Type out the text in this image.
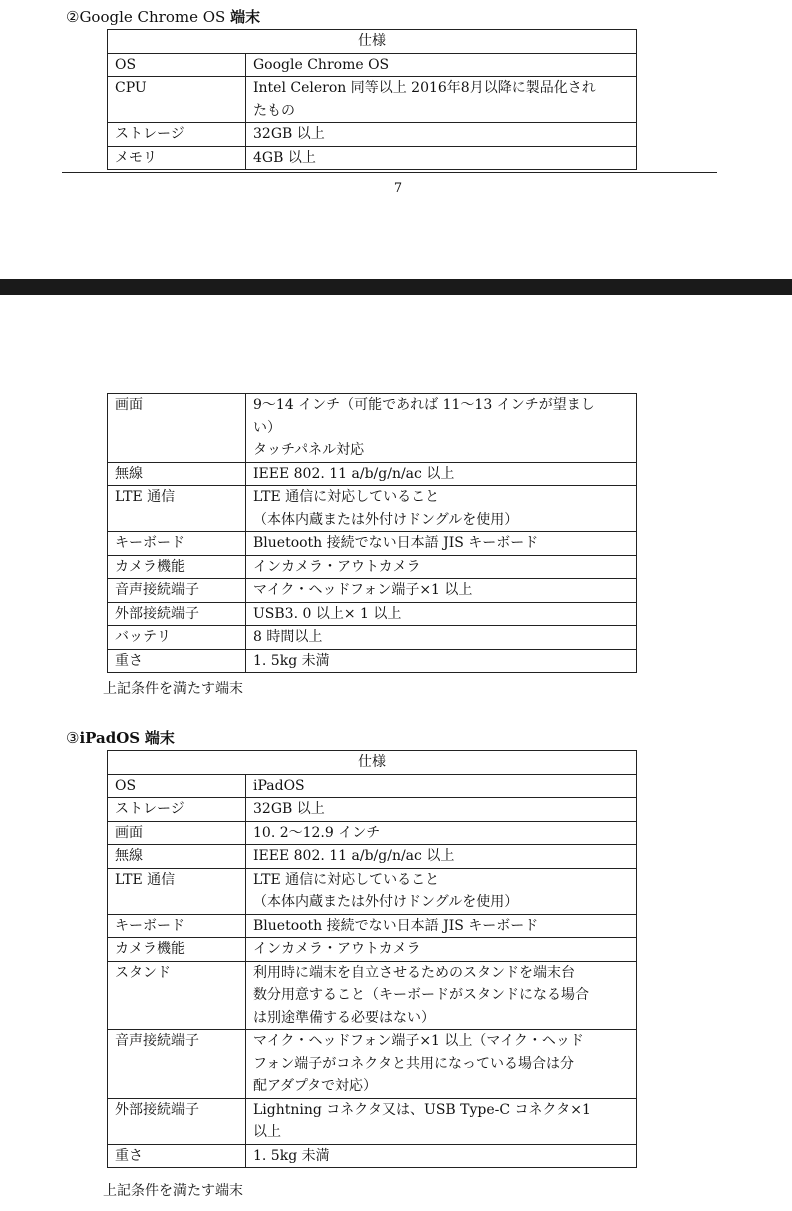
②Google Chrome OS 端末
仕様	
OS	Google Chrome OS

CPU	Intel Celeron 同等以上 2016年8月以降に製品化され
たもの

ストレージ	32GB 以上

メモリ	4GB 以上
7
画面	9～14 インチ（可能であれば 11～13 インチが望まし
い）
タッチパネル対応

無線	IEEE 802. 11 a/b/g/n/ac 以上

LTE 通信	LTE 通信に対応していること
（本体内蔵または外付けドングルを使用）

キーボード	Bluetooth 接続でない日本語 JIS キーボード

カメラ機能	インカメラ・アウトカメラ

音声接続端子	マイク・ヘッドフォン端子×1 以上

外部接続端子	USB3. 0 以上× 1 以上

バッテリ	8 時間以上

重さ	1. 5kg 未満
上記条件を満たす端末
③iPadOS 端末
仕様	
OS	iPadOS

ストレージ	32GB 以上

画面	10. 2～12.9 インチ

無線	IEEE 802. 11 a/b/g/n/ac 以上

LTE 通信	LTE 通信に対応していること
（本体内蔵または外付けドングルを使用）

キーボード	Bluetooth 接続でない日本語 JIS キーボード

カメラ機能	インカメラ・アウトカメラ

スタンド	利用時に端末を自立させるためのスタンドを端末台
数分用意すること（キーボードがスタンドになる場合
は別途準備する必要はない）

音声接続端子	マイク・ヘッドフォン端子×1 以上（マイク・ヘッド
フォン端子がコネクタと共用になっている場合は分
配アダプタで対応）

外部接続端子	Lightning コネクタ又は、USB Type-C コネクタ×1
以上

重さ	1. 5kg 未満
上記条件を満たす端末
